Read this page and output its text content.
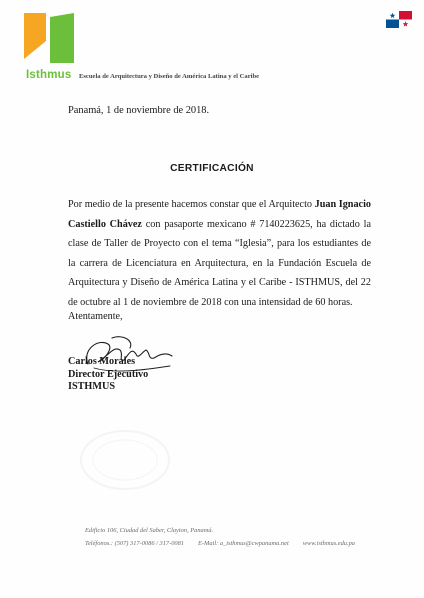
Isthmus Escuela de Arquitectura y Diseño de América Latina y el Caribe
Panamá, 1 de noviembre de 2018.
CERTIFICACIÓN
Por medio de la presente hacemos constar que el Arquitecto Juan Ignacio Castiello Chávez con pasaporte mexicano # 7140223625, ha dictado la clase de Taller de Proyecto con el tema “Iglesia”, para los estudiantes de la carrera de Licenciatura en Arquitectura, en la Fundación Escuela de Arquitectura y Diseño de América Latina y el Caribe - ISTHMUS, del 22 de octubre al 1 de noviembre de 2018 con una intensidad de 60 horas.
Atentamente,
Carlos Morales
Director Ejecutivo
ISTHMUS
Edificio 106, Ciudad del Saber, Clayton, Panamá.
Teléfonos.: (507) 317-0086 / 317-0081 E-Mail: a_isthmus@cwpanama.net www.isthmus.edu.pa
